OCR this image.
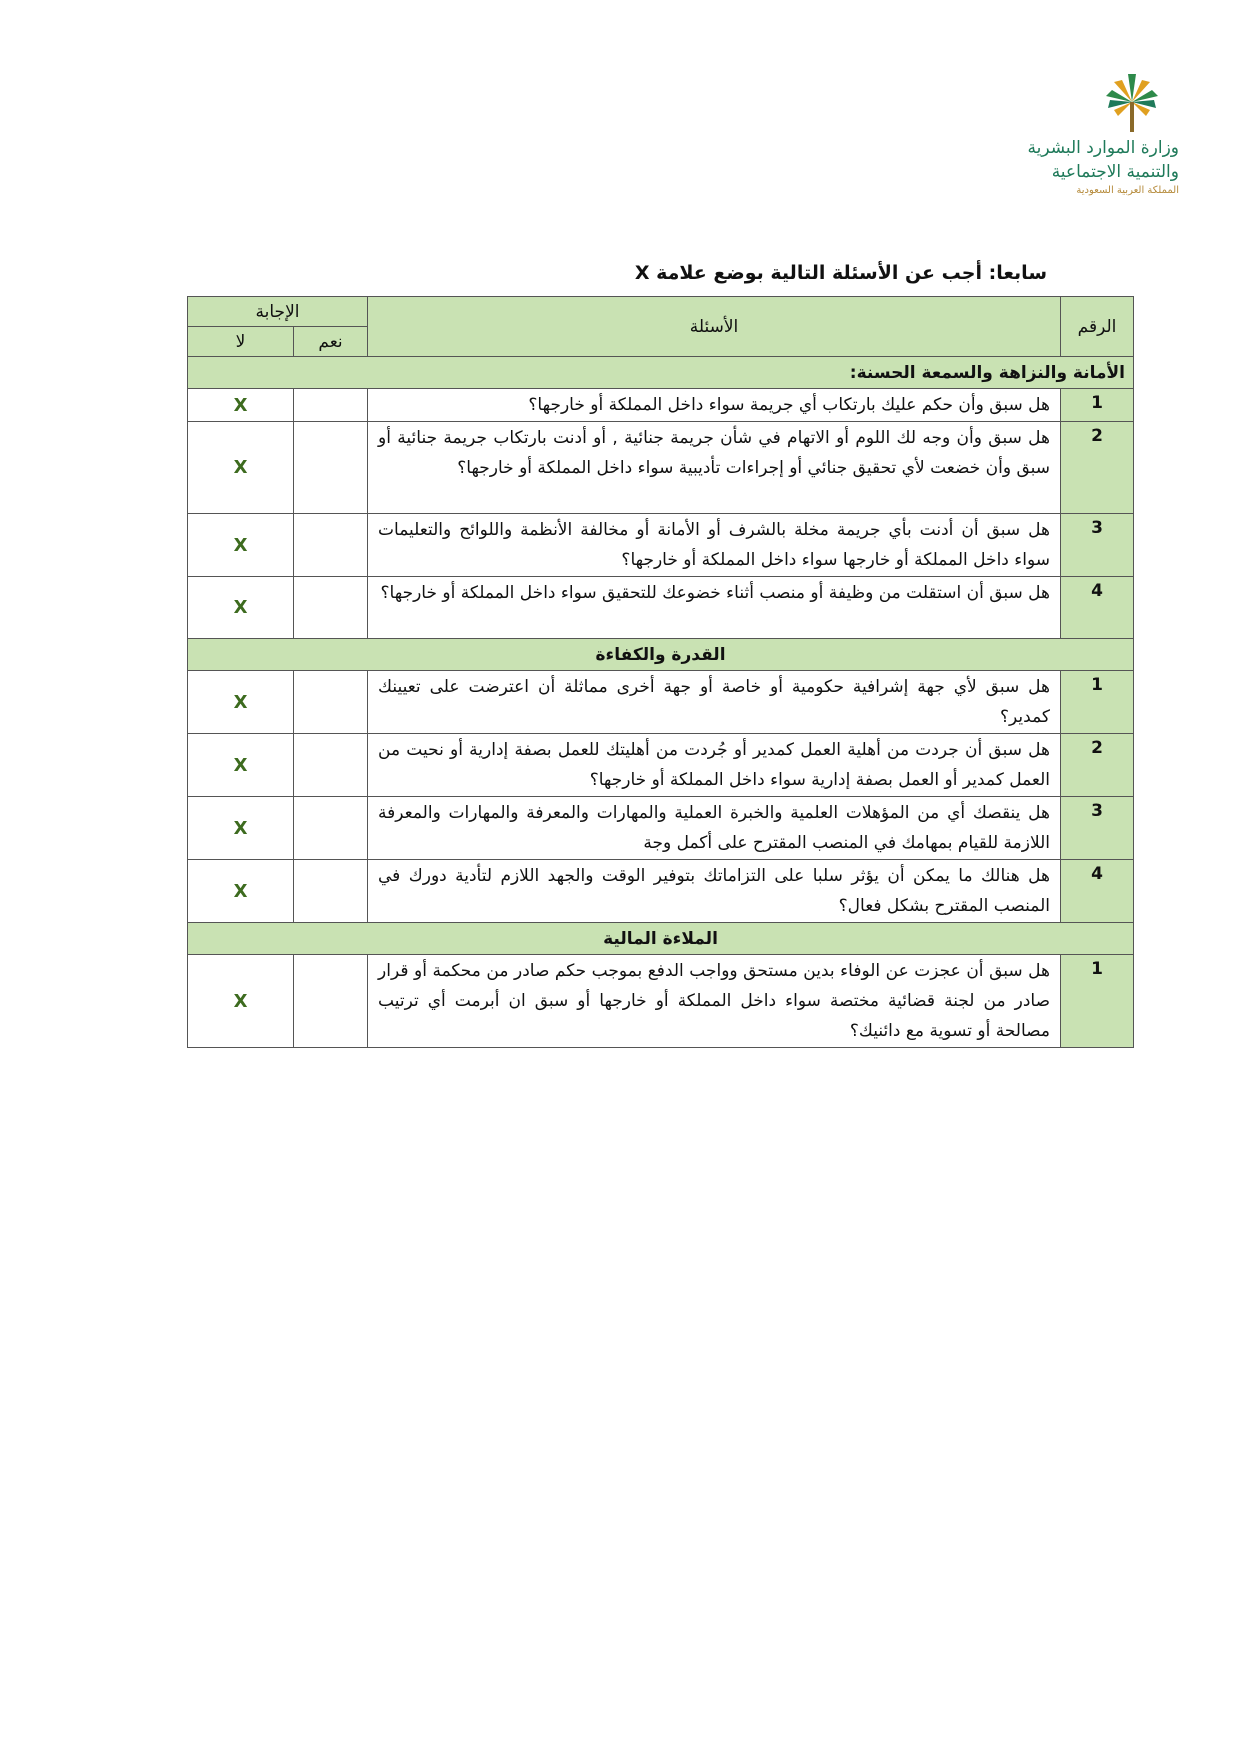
وزارة الموارد البشرية
والتنمية الاجتماعية
المملكة العربية السعودية
سابعا: أجب عن الأسئلة التالية بوضع علامة X
الرقم	الأسئلة	الإجابة	
		نعم	لا
الأمانة والنزاهة والسمعة الحسنة:			
1	هل سبق وأن حكم عليك بارتكاب أي جريمة سواء داخل المملكة أو خارجها؟		X
2	هل سبق وأن وجه لك اللوم أو الاتهام في شأن جريمة جنائية , أو أدنت بارتكاب جريمة جنائية أو سبق وأن خضعت لأي تحقيق جنائي أو إجراءات تأديبية سواء داخل المملكة أو خارجها؟		X
3	هل سبق أن أدنت بأي جريمة مخلة بالشرف أو الأمانة أو مخالفة الأنظمة واللوائح والتعليمات سواء داخل المملكة أو خارجها سواء داخل المملكة أو خارجها؟		X
4	هل سبق أن استقلت من وظيفة أو منصب أثناء خضوعك للتحقيق سواء داخل المملكة أو خارجها؟		X
القدرة والكفاءة			
1	هل سبق لأي جهة إشرافية حكومية أو خاصة أو جهة أخرى مماثلة أن اعترضت على تعيينك كمدير؟		X
2	هل سبق أن جردت من أهلية العمل كمدير أو جُردت من أهليتك للعمل بصفة إدارية أو نحيت من العمل كمدير أو العمل بصفة إدارية سواء داخل المملكة أو خارجها؟		X
3	هل ينقصك أي من المؤهلات العلمية والخبرة العملية والمهارات والمعرفة والمهارات والمعرفة اللازمة للقيام بمهامك في المنصب المقترح على أكمل وجة		X
4	هل هنالك ما يمكن أن يؤثر سلبا على التزاماتك بتوفير الوقت والجهد اللازم لتأدية دورك في المنصب المقترح بشكل فعال؟		X
الملاءة المالية			
1	هل سبق أن عجزت عن الوفاء بدين مستحق وواجب الدفع بموجب حكم صادر من محكمة أو قرار صادر من لجنة قضائية مختصة سواء داخل المملكة أو خارجها أو سبق ان أبرمت أي ترتيب مصالحة أو تسوية مع دائنيك؟		X
